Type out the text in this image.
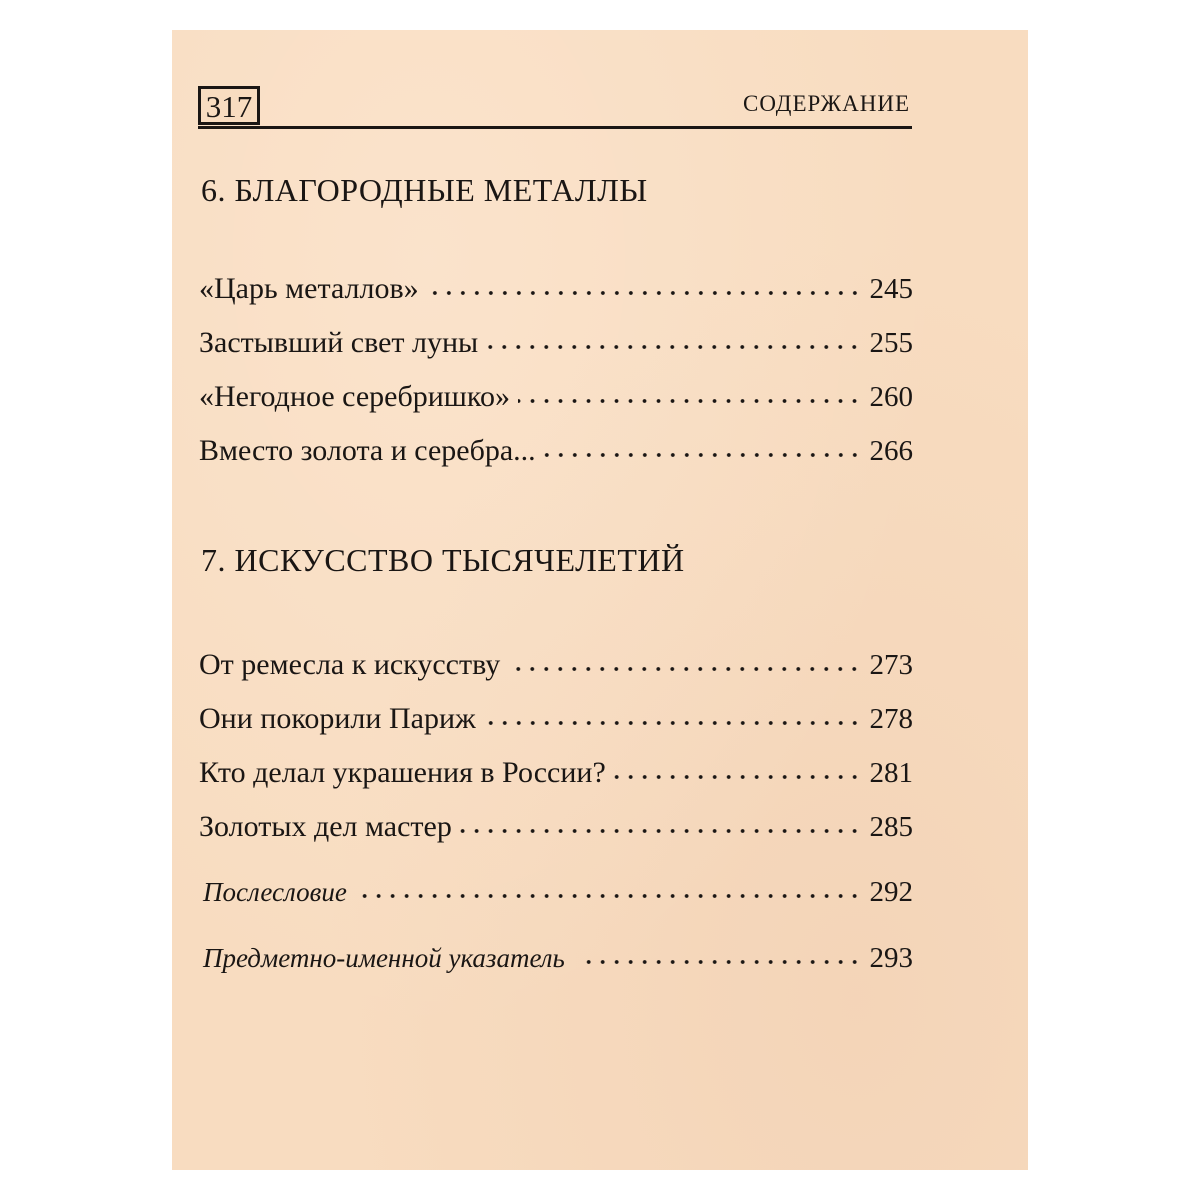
317	СОДЕРЖАНИЕ
6. БЛАГОРОДНЫЕ МЕТАЛЛЫ
«Царь металлов»	245
Застывший свет луны	255
«Негодное серебришко»	260
Вместо золота и серебра...	266
7. ИСКУССТВО ТЫСЯЧЕЛЕТИЙ
От ремесла к искусству	273
Они покорили Париж	278
Кто делал украшения в России?	281
Золотых дел мастер	285
Послесловие	292
Предметно-именной указатель	293
